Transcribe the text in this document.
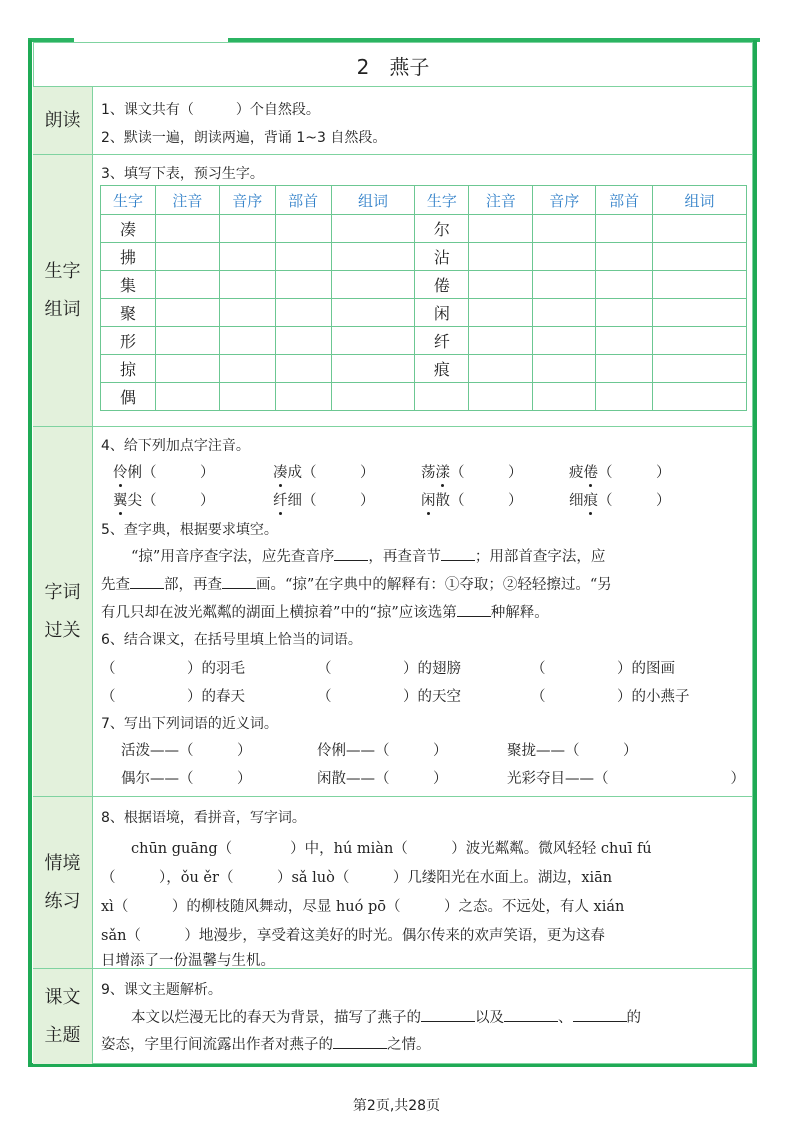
2　燕子
朗读 1、课文共有（　　　）个自然段。
2、默读一遍，朗读两遍，背诵 1~3 自然段。
生字
组词
3、填写下表，预习生字。
生字	注音	音序	部首	组词	生字	注音	音序	部首	组词
凑					尔				
拂					沾				
集					倦				
聚					闲				
形					纤				
掠					痕				
偶									
字词
过关
4、给下列加点字注音。
伶俐（　　　）	凑成（　　　）	荡漾（　　　）	疲倦（　　　）
翼尖（　　　）	纤细（　　　）	闲散（　　　）	细痕（　　　）
5、查字典，根据要求填空。
“掠”用音序查字法，应先查音序 ，再查音节 ；用部首查字法，应
先查 部，再查 画。“掠”在字典中的解释有：①夺取；②轻轻擦过。“另
有几只却在波光粼粼的湖面上横掠着”中的“掠”应该选第 种解释。
6、结合课文，在括号里填上恰当的词语。
（	）的羽毛	（	）的翅膀	（	）的图画
（	）的春天	（	）的天空	（	）的小燕子
7、写出下列词语的近义词。
活泼——（　　　）	伶俐——（　　　）	聚拢——（　　　）
偶尔——（　　　）	闲散——（　　　）	光彩夺目——（	）
情境
练习
8、根据语境，看拼音，写字词。
chūn guāng（　　　　）中，hú miàn（　　　）波光粼粼。微风轻轻 chuī fú
（　　　），ǒu ěr（　　　）sǎ luò（　　　）几缕阳光在水面上。湖边，xiān
xì（　　　）的柳枝随风舞动，尽显 huó pō（　　　）之态。不远处，有人 xián
sǎn（　　　）地漫步，享受着这美好的时光。偶尔传来的欢声笑语，更为这春
日增添了一份温馨与生机。
课文
主题
9、课文主题解析。
本文以烂漫无比的春天为背景，描写了燕子的	以及	、	的
姿态，字里行间流露出作者对燕子的	之情。
第2页,共28页
